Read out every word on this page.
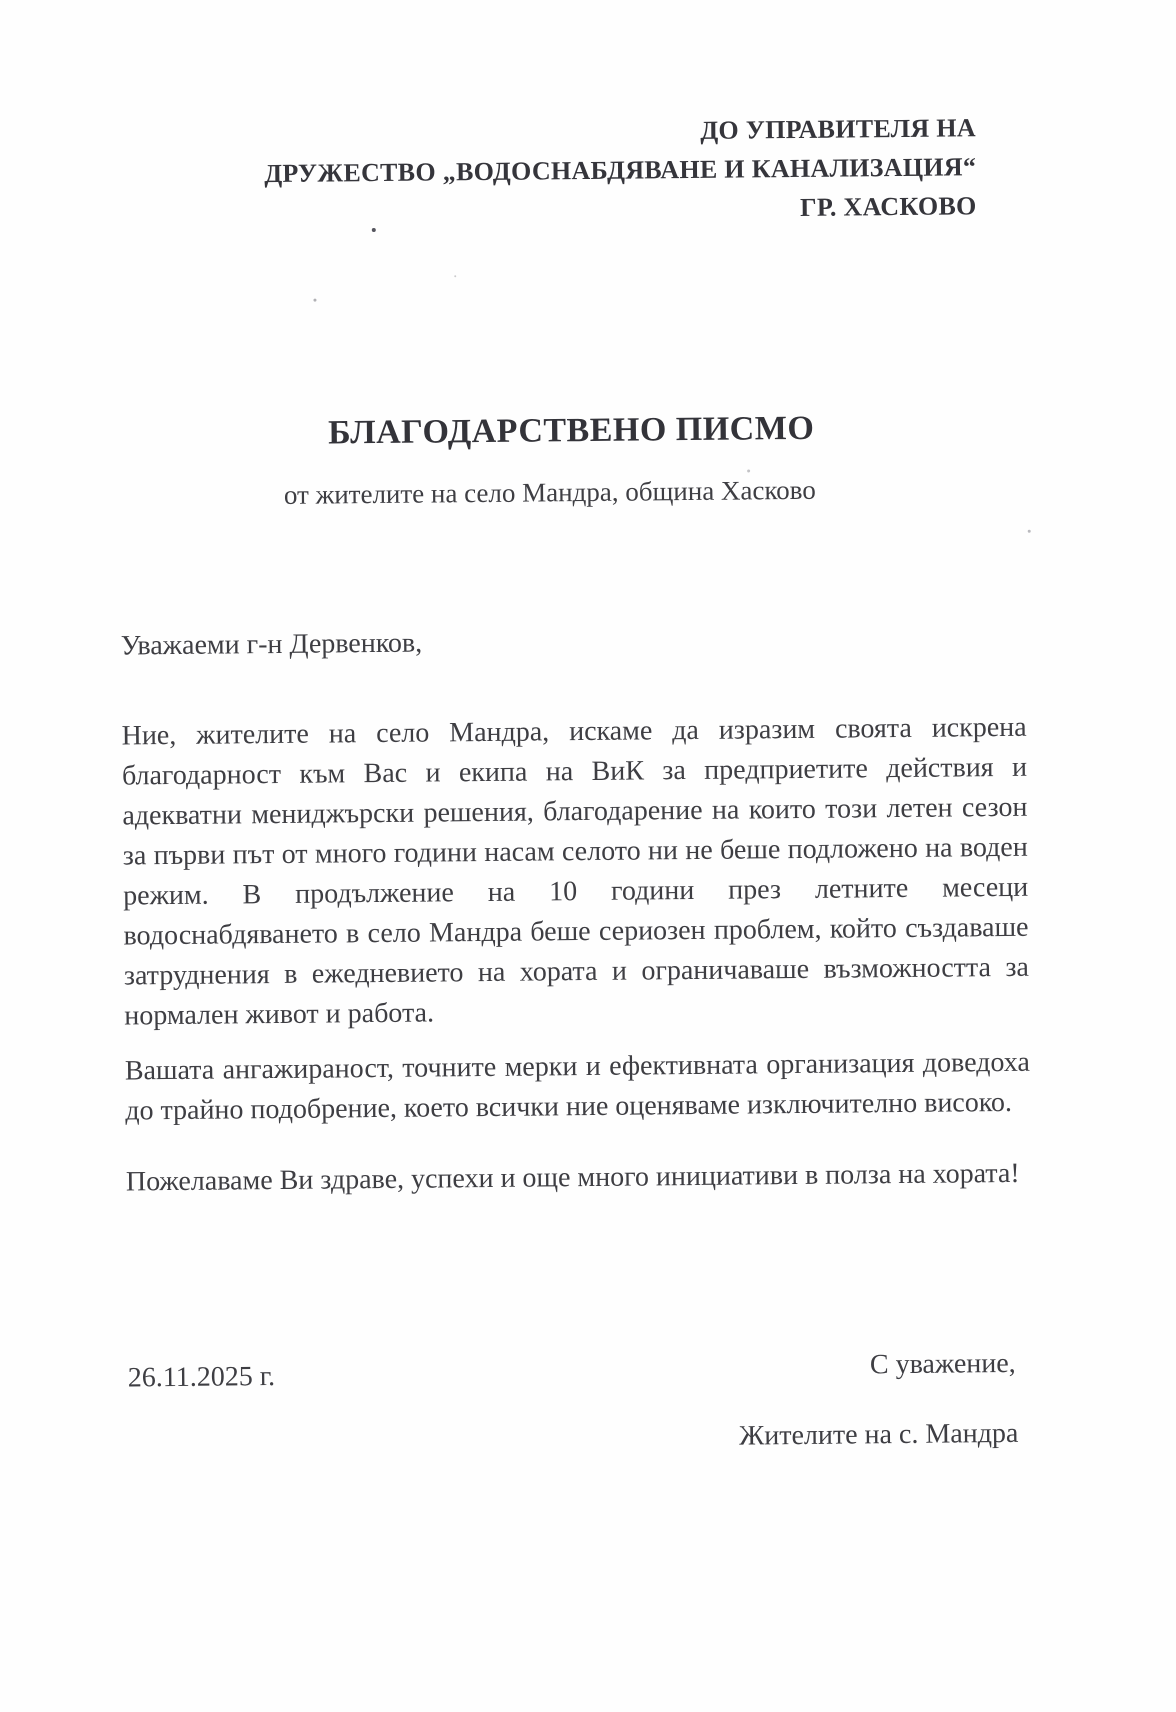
ДО УПРАВИТЕЛЯ НА
ДРУЖЕСТВО „ВОДОСНАБДЯВАНЕ И КАНАЛИЗАЦИЯ“
ГР. ХАСКОВО
БЛАГОДАРСТВЕНО ПИСМО
от жителите на село Мандра, община Хасково
Уважаеми г-н Дервенков,

Ние, жителите на село Мандра, искаме да изразим своята искрена благодарност към Вас и екипа на ВиК за предприетите действия и адекватни мениджърски решения, благодарение на които този летен сезон за първи път от много години насам селото ни не беше подложено на воден режим. В продължение на 10 години през летните месеци водоснабдяването в село Мандра беше сериозен проблем, който създаваше затруднения в ежедневието на хората и ограничаваше възможността за нормален живот и работа.

Вашата ангажираност, точните мерки и ефективната организация доведоха до трайно подобрение, което всички ние оценяваме изключително високо.

Пожелаваме Ви здраве, успехи и още много инициативи в полза на хората!

26.11.2025 г.	С уважение,
Жителите на с. Мандра
